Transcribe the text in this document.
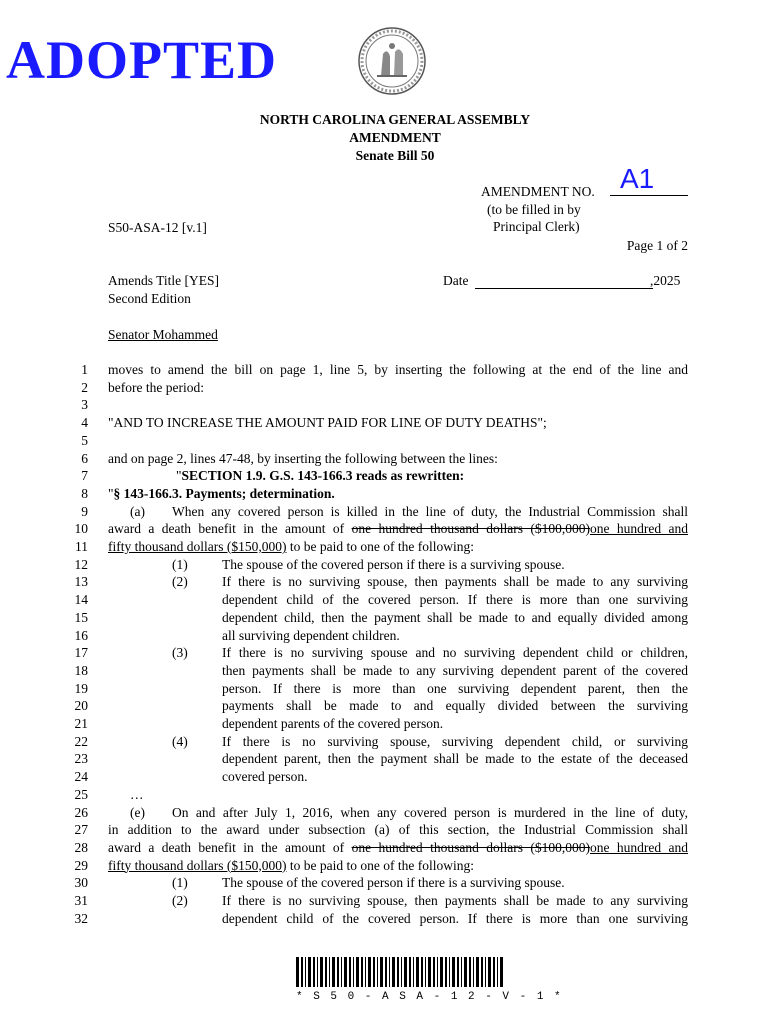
ADOPTED
NORTH CAROLINA GENERAL ASSEMBLY
AMENDMENT
Senate Bill 50
AMENDMENT NO. A1
(to be filled in by
Principal Clerk)
S50-ASA-12 [v.1]
Page 1 of 2
Amends Title [YES]
Second Edition
Date	,2025
Senator Mohammed
1 moves to amend the bill on page 1, line 5, by inserting the following at the end of the line and
2 before the period:
3
4 "AND TO INCREASE THE AMOUNT PAID FOR LINE OF DUTY DEATHS";
5
6 and on page 2, lines 47-48, by inserting the following between the lines:
7	"SECTION 1.9. G.S. 143-166.3 reads as rewritten:
8 "§ 143-166.3. Payments; determination.
9	(a)  When any covered person is killed in the line of duty, the Industrial Commission shall
10 award a death benefit in the amount of one hundred thousand dollars ($100,000)one hundred and
11 fifty thousand dollars ($150,000) to be paid to one of the following:
12	(1)	The spouse of the covered person if there is a surviving spouse.
13	(2)	If there is no surviving spouse, then payments shall be made to any surviving
14	dependent child of the covered person. If there is more than one surviving
15	dependent child, then the payment shall be made to and equally divided among
16	all surviving dependent children.
17	(3)	If there is no surviving spouse and no surviving dependent child or children,
18	then payments shall be made to any surviving dependent parent of the covered
19	person. If there is more than one surviving dependent parent, then the
20	payments shall be made to and equally divided between the surviving
21	dependent parents of the covered person.
22	(4)	If there is no surviving spouse, surviving dependent child, or surviving
23	dependent parent, then the payment shall be made to the estate of the deceased
24	covered person.
25	…
26	(e)  On and after July 1, 2016, when any covered person is murdered in the line of duty,
27 in addition to the award under subsection (a) of this section, the Industrial Commission shall
28 award a death benefit in the amount of one hundred thousand dollars ($100,000)one hundred and
29 fifty thousand dollars ($150,000) to be paid to one of the following:
30	(1)	The spouse of the covered person if there is a surviving spouse.
31	(2)	If there is no surviving spouse, then payments shall be made to any surviving
32	dependent child of the covered person. If there is more than one surviving
* S 5 0 - A S A - 1 2 - V - 1 *
